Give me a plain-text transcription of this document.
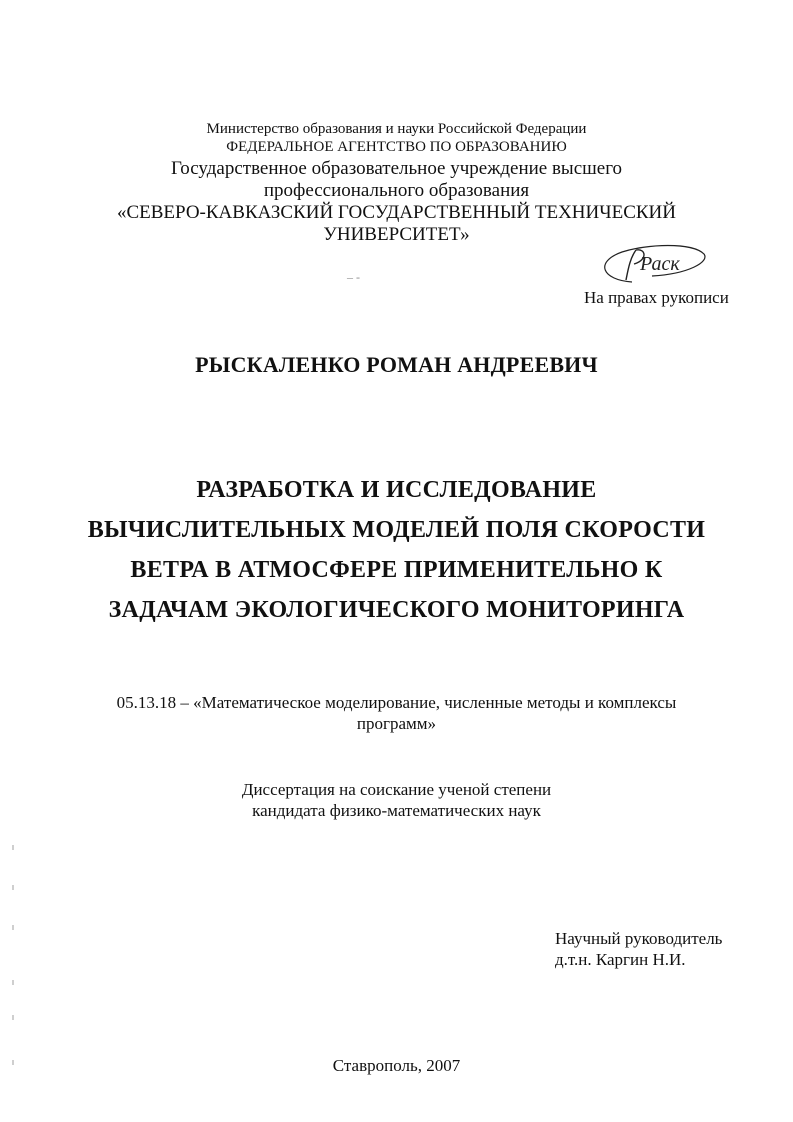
Министерство образования и науки Российской Федерации
ФЕДЕРАЛЬНОЕ АГЕНТСТВО ПО ОБРАЗОВАНИЮ
Государственное образовательное учреждение высшего
профессионального образования
«СЕВЕРО-КАВКАЗСКИЙ ГОСУДАРСТВЕННЫЙ ТЕХНИЧЕСКИЙ
УНИВЕРСИТЕТ»
– -
Раск
На правах рукописи
РЫСКАЛЕНКО РОМАН АНДРЕЕВИЧ
РАЗРАБОТКА И ИССЛЕДОВАНИЕ
ВЫЧИСЛИТЕЛЬНЫХ МОДЕЛЕЙ ПОЛЯ СКОРОСТИ
ВЕТРА В АТМОСФЕРЕ ПРИМЕНИТЕЛЬНО К
ЗАДАЧАМ ЭКОЛОГИЧЕСКОГО МОНИТОРИНГА
05.13.18 – «Математическое моделирование, численные методы и комплексы
программ»
Диссертация на соискание ученой степени
кандидата физико-математических наук
Научный руководитель
д.т.н. Каргин Н.И.
Ставрополь, 2007
